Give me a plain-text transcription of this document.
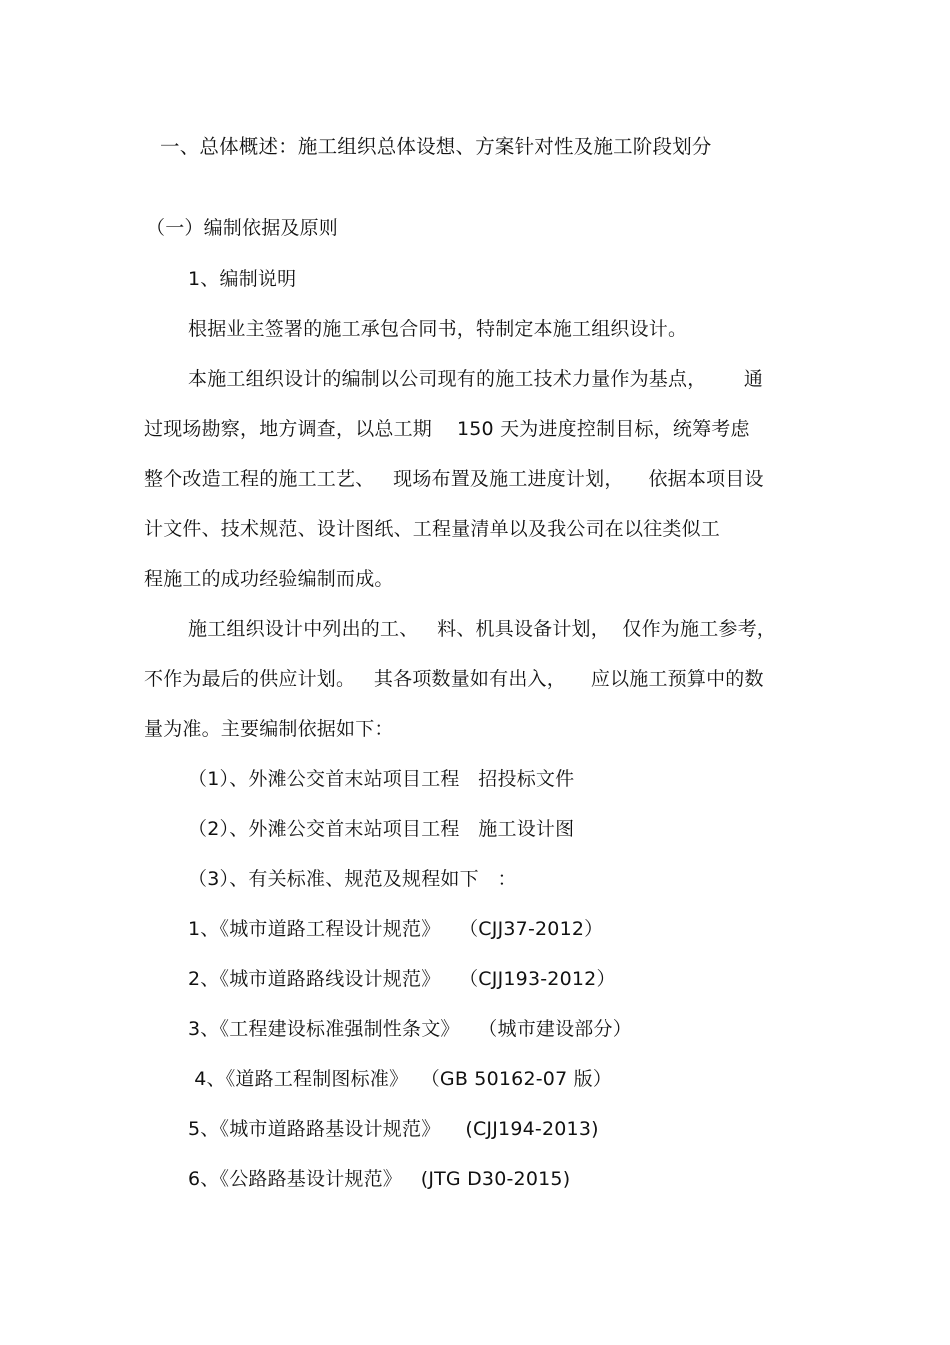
一、总体概述：施工组织总体设想、方案针对性及施工阶段划分
（一）编制依据及原则
1、编制说明
根据业主签署的施工承包合同书，特制定本施工组织设计。
本施工组织设计的编制以公司现有的施工技术力量作为基点，      通
过现场勘察，地方调查，以总工期    150 天为进度控制目标，统筹考虑
整个改造工程的施工工艺、   现场布置及施工进度计划，    依据本项目设
计文件、技术规范、设计图纸、工程量清单以及我公司在以往类似工
程施工的成功经验编制而成。
施工组织设计中列出的工、   料、机具设备计划，  仅作为施工参考，
不作为最后的供应计划。   其各项数量如有出入，    应以施工预算中的数
量为准。主要编制依据如下：
（1）、外滩公交首末站项目工程   招投标文件
（2）、外滩公交首末站项目工程   施工设计图
（3）、有关标准、规范及规程如下   ：
1、《城市道路工程设计规范》   （CJJ37-2012）
2、《城市道路路线设计规范》   （CJJ193-2012）
3、《工程建设标准强制性条文》   （城市建设部分）
4、《道路工程制图标准》  （GB 50162-07 版）
5、《城市道路路基设计规范》    (CJJ194-2013)
6、《公路路基设计规范》   (JTG D30-2015)
